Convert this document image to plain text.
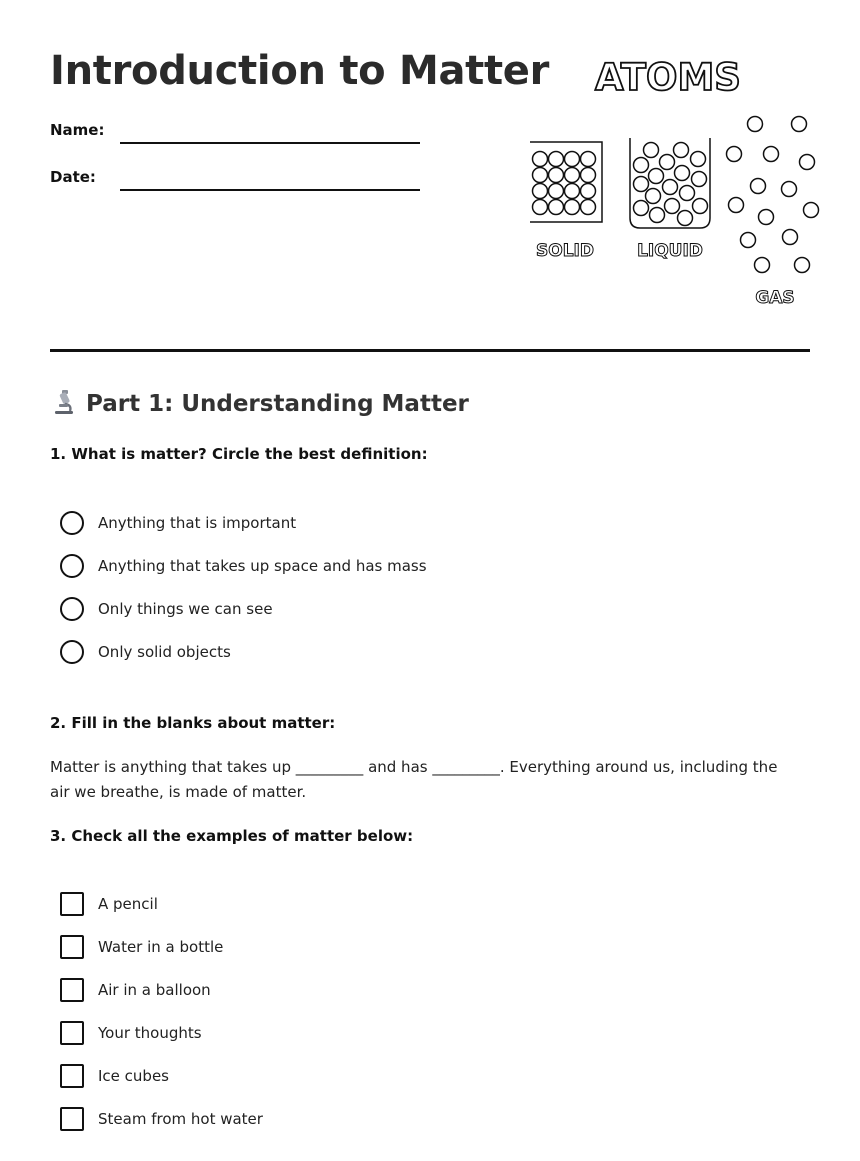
Introduction to Matter
Name:
Date:
ATOMS
SOLID	LIQUID
GAS
Part 1: Understanding Matter
1. What is matter? Circle the best definition:
Anything that is important
Anything that takes up space and has mass
Only things we can see
Only solid objects
2. Fill in the blanks about matter:
Matter is anything that takes up _________ and has _________. Everything around us, including the air we breathe, is made of matter.
3. Check all the examples of matter below:
A pencil
Water in a bottle
Air in a balloon
Your thoughts
Ice cubes
Steam from hot water
